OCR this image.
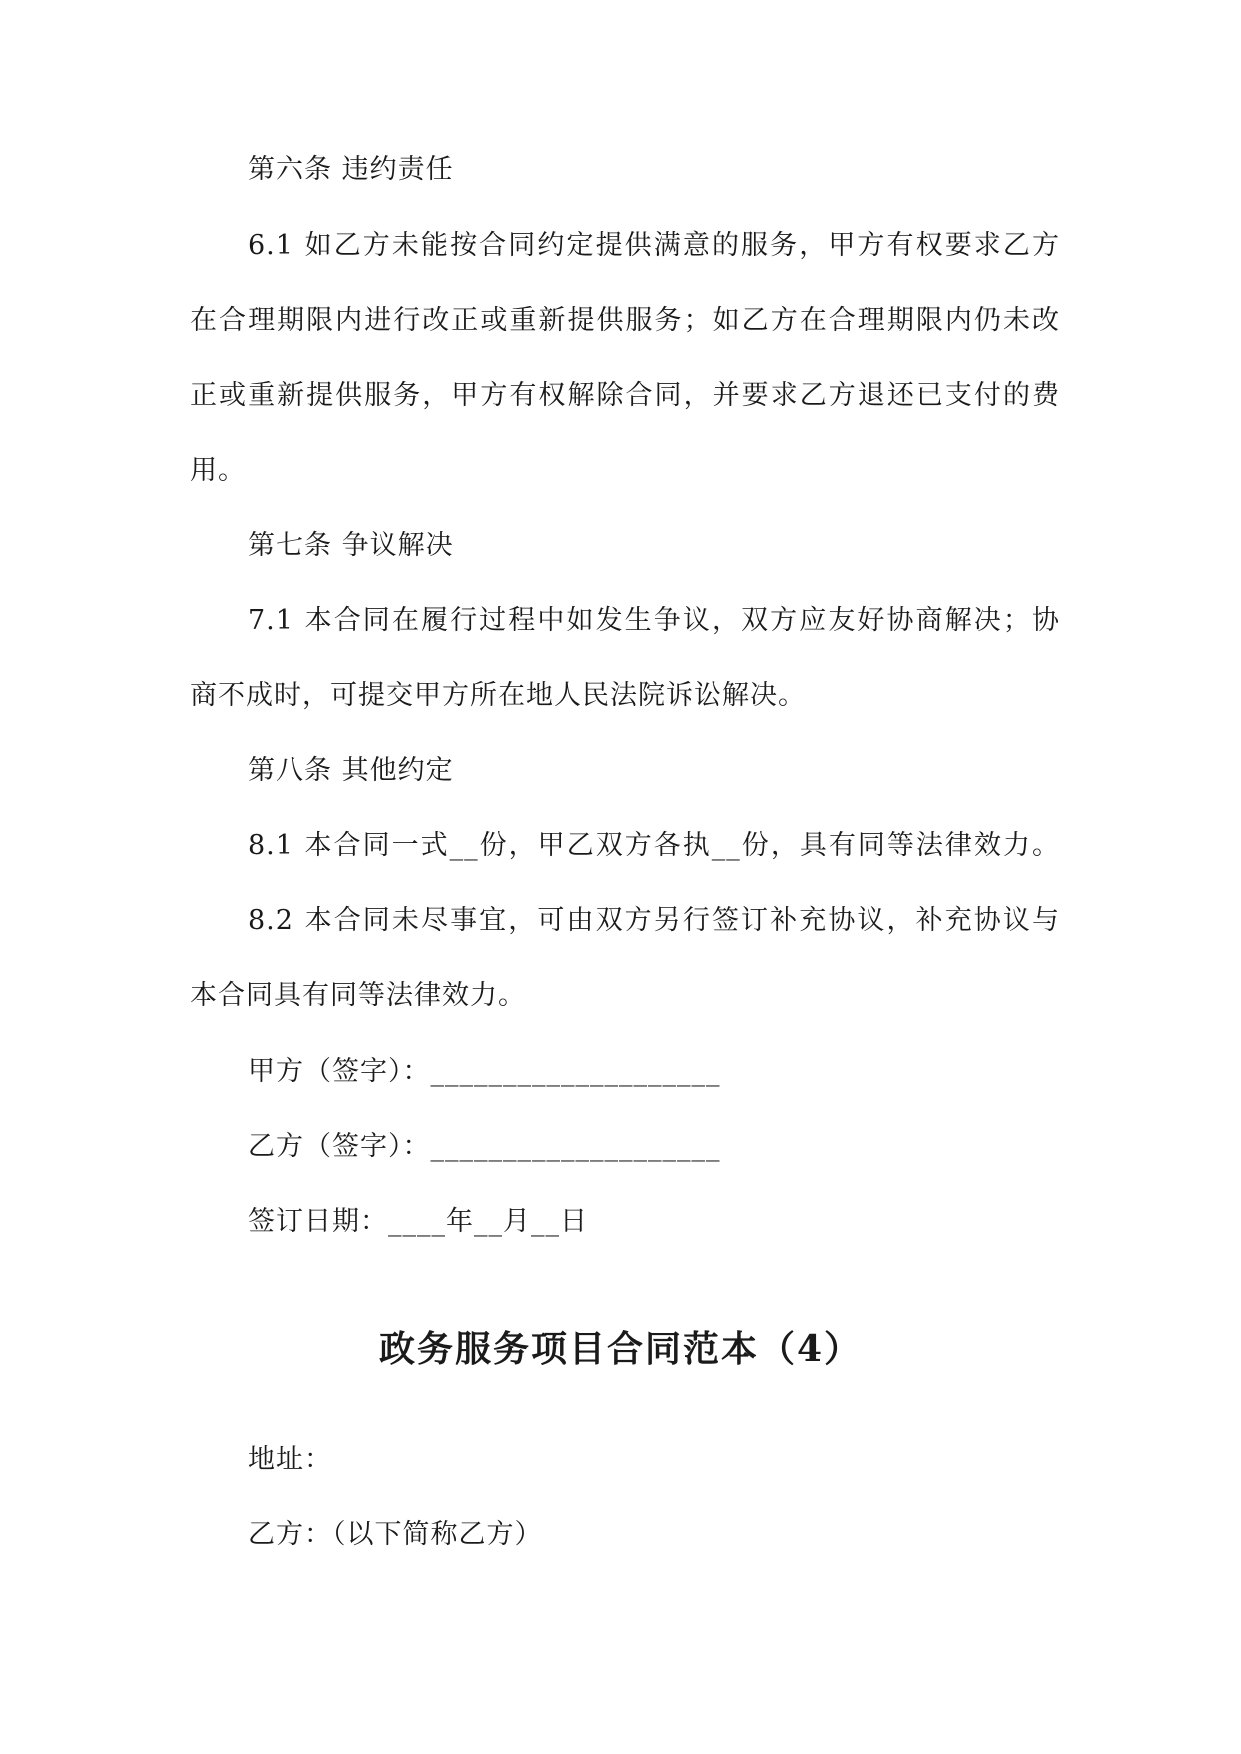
第六条 违约责任
6.1 如乙方未能按合同约定提供满意的服务，甲方有权要求乙方
在合理期限内进行改正或重新提供服务；如乙方在合理期限内仍未改
正或重新提供服务，甲方有权解除合同，并要求乙方退还已支付的费
用。
第七条 争议解决
7.1 本合同在履行过程中如发生争议，双方应友好协商解决；协
商不成时，可提交甲方所在地人民法院诉讼解决。
第八条 其他约定
8.1 本合同一式__份，甲乙双方各执__份，具有同等法律效力。
8.2 本合同未尽事宜，可由双方另行签订补充协议，补充协议与
本合同具有同等法律效力。
甲方（签字）：____________________
乙方（签字）：____________________
签订日期：____年__月__日
政务服务项目合同范本（4）
地址：
乙方：（以下简称乙方）
